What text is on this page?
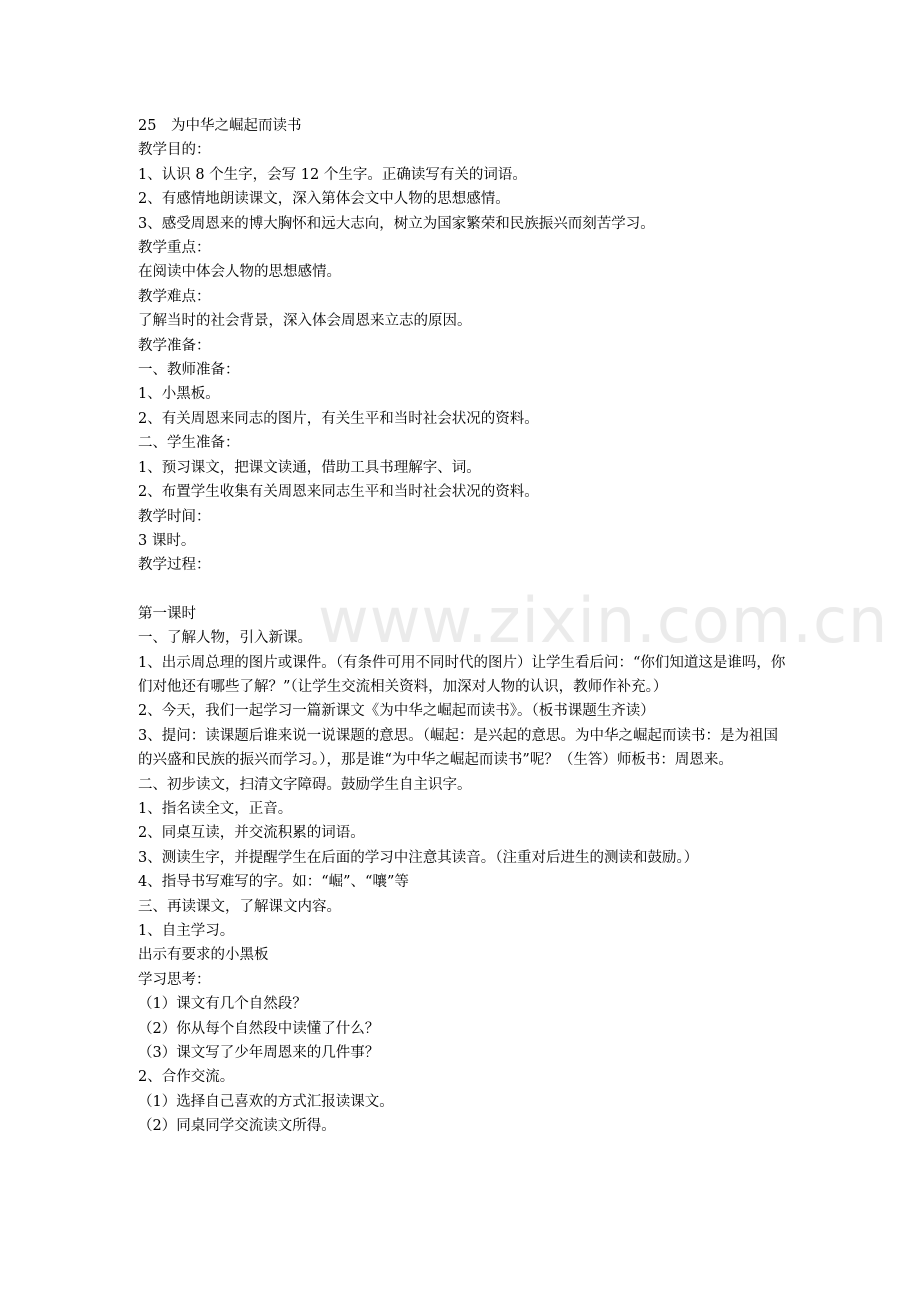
www.zixin.com.cn
25　为中华之崛起而读书
教学目的：
1、认识 8 个生字，会写 12 个生字。正确读写有关的词语。
2、有感情地朗读课文，深入第体会文中人物的思想感情。
3、感受周恩来的博大胸怀和远大志向，树立为国家繁荣和民族振兴而刻苦学习。
教学重点：
在阅读中体会人物的思想感情。
教学难点：
了解当时的社会背景，深入体会周恩来立志的原因。
教学准备：
一、教师准备：
1、小黑板。
2、有关周恩来同志的图片，有关生平和当时社会状况的资料。
二、学生准备：
1、预习课文，把课文读通，借助工具书理解字、词。
2、布置学生收集有关周恩来同志生平和当时社会状况的资料。
教学时间：
3 课时。
教学过程：
第一课时
一、了解人物，引入新课。
1、出示周总理的图片或课件。（有条件可用不同时代的图片）让学生看后问：“你们知道这是谁吗，你们对他还有哪些了解？”（让学生交流相关资料，加深对人物的认识，教师作补充。）
2、今天，我们一起学习一篇新课文《为中华之崛起而读书》。（板书课题生齐读）
3、提问：读课题后谁来说一说课题的意思。（崛起：是兴起的意思。为中华之崛起而读书：是为祖国的兴盛和民族的振兴而学习。），那是谁“为中华之崛起而读书”呢？（生答）师板书：周恩来。
二、初步读文，扫清文字障碍。鼓励学生自主识字。
1、指名读全文，正音。
2、同桌互读，并交流积累的词语。
3、测读生字，并提醒学生在后面的学习中注意其读音。（注重对后进生的测读和鼓励。）
4、指导书写难写的字。如：“崛”、“嚷”等
三、再读课文，了解课文内容。
1、自主学习。
出示有要求的小黑板
学习思考：
（1）课文有几个自然段？
（2）你从每个自然段中读懂了什么？
（3）课文写了少年周恩来的几件事？
2、合作交流。
（1）选择自己喜欢的方式汇报读课文。
（2）同桌同学交流读文所得。
